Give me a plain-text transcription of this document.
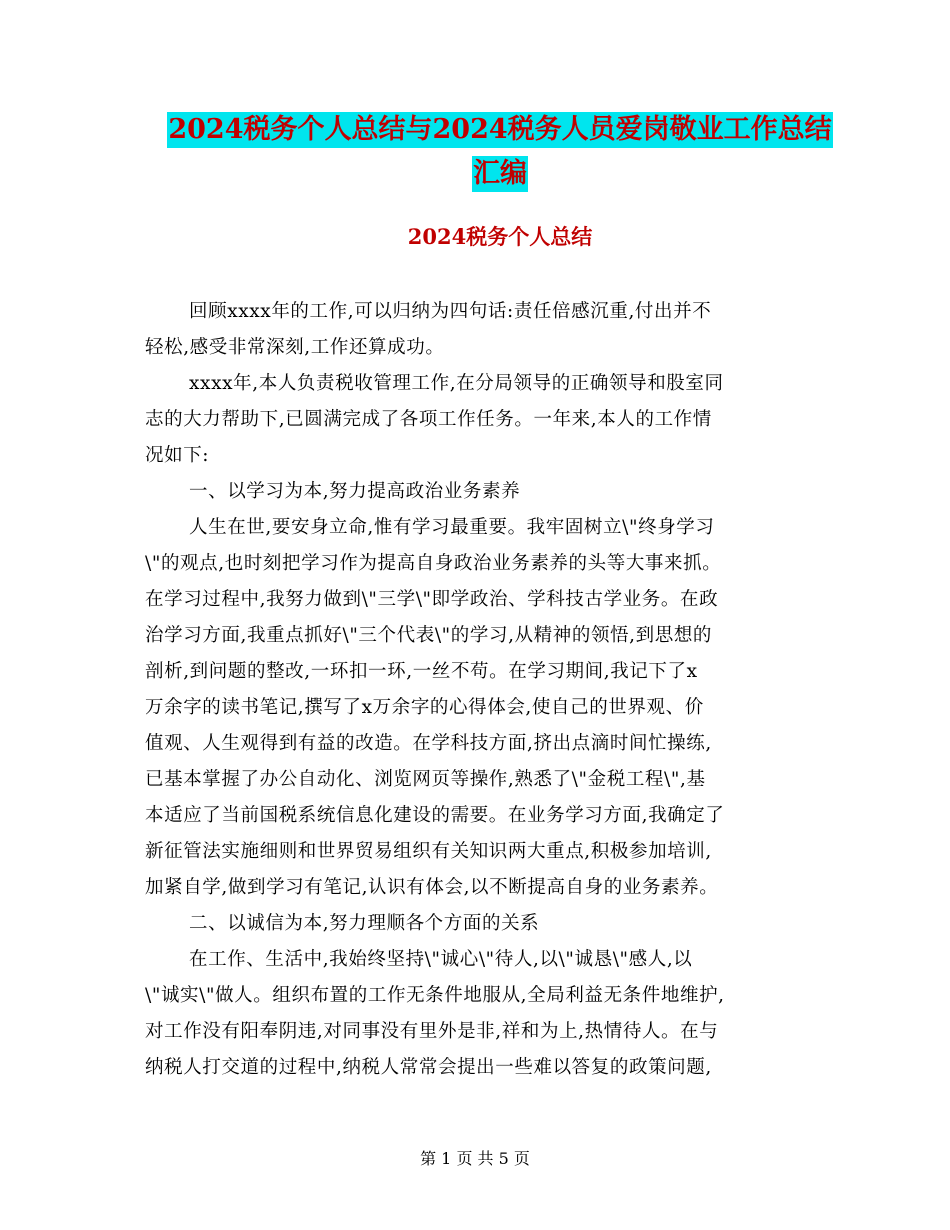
2024税务个人总结与2024税务人员爱岗敬业工作总结
汇编
2024税务个人总结
回顾xxxx年的工作,可以归纳为四句话:责任倍感沉重,付出并不
轻松,感受非常深刻,工作还算成功。
xxxx年,本人负责税收管理工作,在分局领导的正确领导和股室同
志的大力帮助下,已圆满完成了各项工作任务。一年来,本人的工作情
况如下:
一、以学习为本,努力提高政治业务素养
人生在世,要安身立命,惟有学习最重要。我牢固树立\"终身学习
\"的观点,也时刻把学习作为提高自身政治业务素养的头等大事来抓。
在学习过程中,我努力做到\"三学\"即学政治、学科技古学业务。在政
治学习方面,我重点抓好\"三个代表\"的学习,从精神的领悟,到思想的
剖析,到问题的整改,一环扣一环,一丝不苟。在学习期间,我记下了x
万余字的读书笔记,撰写了x万余字的心得体会,使自己的世界观、价
值观、人生观得到有益的改造。在学科技方面,挤出点滴时间忙操练,
已基本掌握了办公自动化、浏览网页等操作,熟悉了\"金税工程\",基
本适应了当前国税系统信息化建设的需要。在业务学习方面,我确定了
新征管法实施细则和世界贸易组织有关知识两大重点,积极参加培训,
加紧自学,做到学习有笔记,认识有体会,以不断提高自身的业务素养。
二、以诚信为本,努力理顺各个方面的关系
在工作、生活中,我始终坚持\"诚心\"待人,以\"诚恳\"感人,以
\"诚实\"做人。组织布置的工作无条件地服从,全局利益无条件地维护,
对工作没有阳奉阴违,对同事没有里外是非,祥和为上,热情待人。在与
纳税人打交道的过程中,纳税人常常会提出一些难以答复的政策问题,
第 1 页 共 5 页
